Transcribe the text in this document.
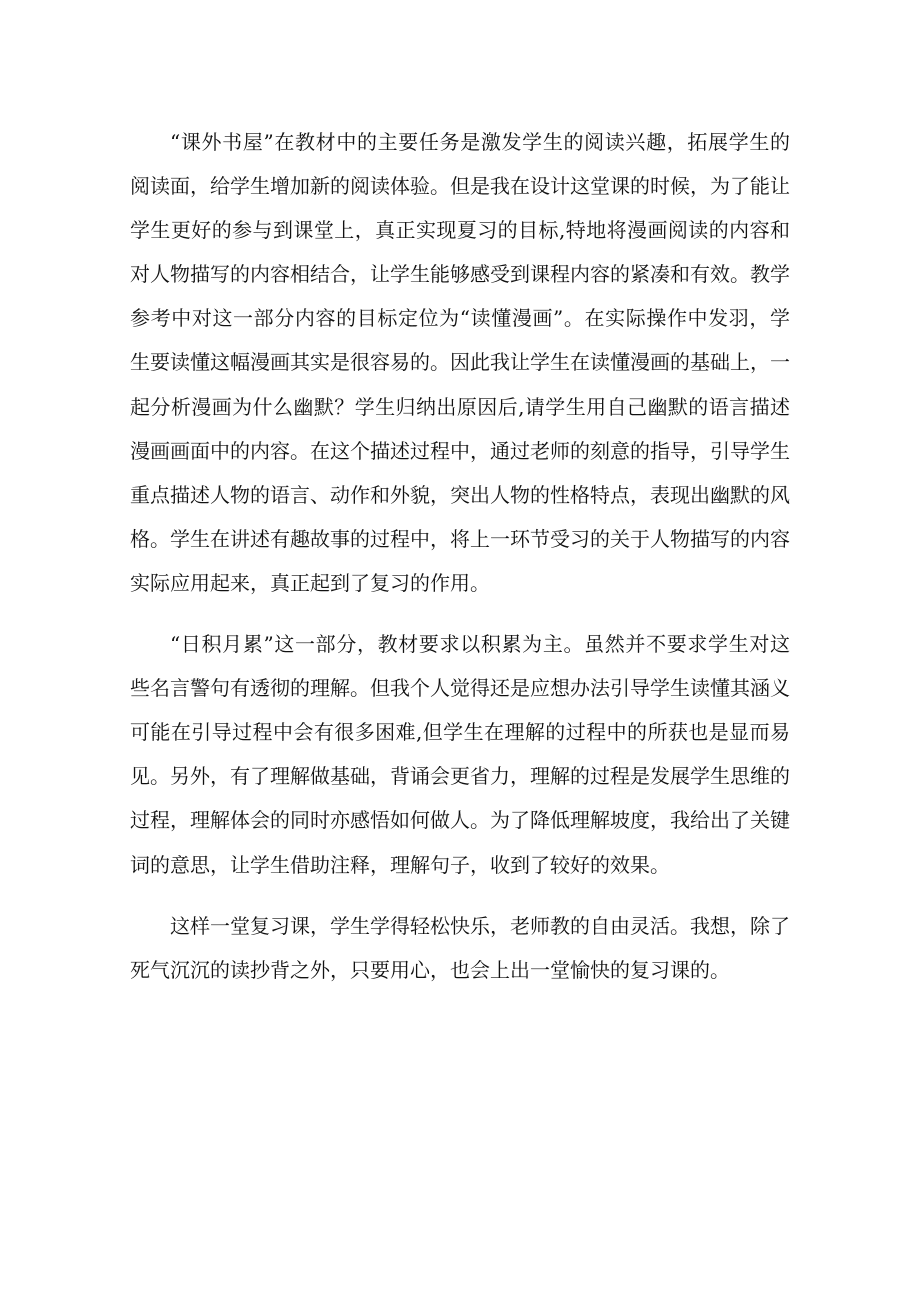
“课外书屋”在教材中的主要任务是激发学生的阅读兴趣，拓展学生的阅读面，给学生增加新的阅读体验。但是我在设计这堂课的时候，为了能让学生更好的参与到课堂上，真正实现夏习的目标,特地将漫画阅读的内容和对人物描写的内容相结合，让学生能够感受到课程内容的紧凑和有效。教学参考中对这一部分内容的目标定位为“读懂漫画”。在实际操作中发羽，学生要读懂这幅漫画其实是很容易的。因此我让学生在读懂漫画的基础上，一起分析漫画为什么幽默？学生归纳出原因后,请学生用自己幽默的语言描述漫画画面中的内容。在这个描述过程中，通过老师的刻意的指导，引导学生重点描述人物的语言、动作和外貌，突出人物的性格特点，表现出幽默的风格。学生在讲述有趣故事的过程中，将上一环节受习的关于人物描写的内容实际应用起来，真正起到了复习的作用。

“日积月累”这一部分，教材要求以积累为主。虽然并不要求学生对这些名言警句有透彻的理解。但我个人觉得还是应想办法引导学生读懂其涵义可能在引导过程中会有很多困难,但学生在理解的过程中的所获也是显而易见。另外，有了理解做基础，背诵会更省力，理解的过程是发展学生思维的过程，理解体会的同时亦感悟如何做人。为了降低理解坡度，我给出了关键词的意思，让学生借助注释，理解句子，收到了较好的效果。

这样一堂复习课，学生学得轻松快乐，老师教的自由灵活。我想，除了死气沉沉的读抄背之外，只要用心，也会上出一堂愉快的复习课的。
